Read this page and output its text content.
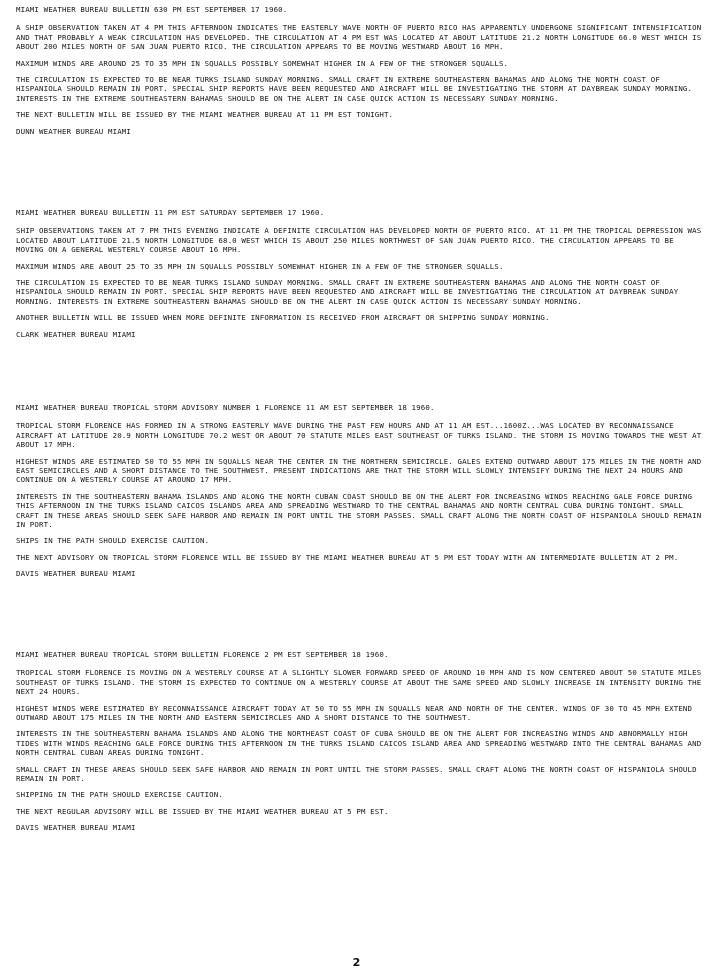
MIAMI WEATHER BUREAU BULLETIN 630 PM EST SEPTEMBER 17 1960.

A SHIP OBSERVATION TAKEN AT 4 PM THIS AFTERNOON INDICATES THE EASTERLY WAVE NORTH OF PUERTO RICO HAS APPARENTLY UNDERGONE SIGNIFICANT INTENSIFICATION AND THAT PROBABLY A WEAK CIRCULATION HAS DEVELOPED. THE CIRCULATION AT 4 PM EST WAS LOCATED AT ABOUT LATITUDE 21.2 NORTH LONGITUDE 66.0 WEST WHICH IS ABOUT 200 MILES NORTH OF SAN JUAN PUERTO RICO. THE CIRCULATION APPEARS TO BE MOVING WESTWARD ABOUT 16 MPH.

MAXIMUM WINDS ARE AROUND 25 TO 35 MPH IN SQUALLS POSSIBLY SOMEWHAT HIGHER IN A FEW OF THE STRONGER SQUALLS.

THE CIRCULATION IS EXPECTED TO BE NEAR TURKS ISLAND SUNDAY MORNING. SMALL CRAFT IN EXTREME SOUTHEASTERN BAHAMAS AND ALONG THE NORTH COAST OF HISPANIOLA SHOULD REMAIN IN PORT. SPECIAL SHIP REPORTS HAVE BEEN REQUESTED AND AIRCRAFT WILL BE INVESTIGATING THE STORM AT DAYBREAK SUNDAY MORNING. INTERESTS IN THE EXTREME SOUTHEASTERN BAHAMAS SHOULD BE ON THE ALERT IN CASE QUICK ACTION IS NECESSARY SUNDAY MORNING.

THE NEXT BULLETIN WILL BE ISSUED BY THE MIAMI WEATHER BUREAU AT 11 PM EST TONIGHT.

DUNN WEATHER BUREAU MIAMI

MIAMI WEATHER BUREAU BULLETIN 11 PM EST SATURDAY SEPTEMBER 17 1960.

SHIP OBSERVATIONS TAKEN AT 7 PM THIS EVENING INDICATE A DEFINITE CIRCULATION HAS DEVELOPED NORTH OF PUERTO RICO. AT 11 PM THE TROPICAL DEPRESSION WAS LOCATED ABOUT LATITUDE 21.5 NORTH LONGITUDE 68.0 WEST WHICH IS ABOUT 250 MILES NORTHWEST OF SAN JUAN PUERTO RICO. THE CIRCULATION APPEARS TO BE MOVING ON A GENERAL WESTERLY COURSE ABOUT 16 MPH.

MAXIMUM WINDS ARE ABOUT 25 TO 35 MPH IN SQUALLS POSSIBLY SOMEWHAT HIGHER IN A FEW OF THE STRONGER SQUALLS.

THE CIRCULATION IS EXPECTED TO BE NEAR TURKS ISLAND SUNDAY MORNING. SMALL CRAFT IN EXTREME SOUTHEASTERN BAHAMAS AND ALONG THE NORTH COAST OF HISPANIOLA SHOULD REMAIN IN PORT. SPECIAL SHIP REPORTS HAVE BEEN REQUESTED AND AIRCRAFT WILL BE INVESTIGATING THE CIRCULATION AT DAYBREAK SUNDAY MORNING. INTERESTS IN EXTREME SOUTHEASTERN BAHAMAS SHOULD BE ON THE ALERT IN CASE QUICK ACTION IS NECESSARY SUNDAY MORNING.

ANOTHER BULLETIN WILL BE ISSUED WHEN MORE DEFINITE INFORMATION IS RECEIVED FROM AIRCRAFT OR SHIPPING SUNDAY MORNING.

CLARK WEATHER BUREAU MIAMI

MIAMI WEATHER BUREAU TROPICAL STORM ADVISORY NUMBER 1 FLORENCE 11 AM EST SEPTEMBER 18 1960.

TROPICAL STORM FLORENCE HAS FORMED IN A STRONG EASTERLY WAVE DURING THE PAST FEW HOURS AND AT 11 AM EST...1600Z...WAS LOCATED BY RECONNAISSANCE AIRCRAFT AT LATITUDE 20.9 NORTH LONGITUDE 70.2 WEST OR ABOUT 70 STATUTE MILES EAST SOUTHEAST OF TURKS ISLAND. THE STORM IS MOVING TOWARDS THE WEST AT ABOUT 17 MPH.

HIGHEST WINDS ARE ESTIMATED 50 TO 55 MPH IN SQUALLS NEAR THE CENTER IN THE NORTHERN SEMICIRCLE. GALES EXTEND OUTWARD ABOUT 175 MILES IN THE NORTH AND EAST SEMICIRCLES AND A SHORT DISTANCE TO THE SOUTHWEST. PRESENT INDICATIONS ARE THAT THE STORM WILL SLOWLY INTENSIFY DURING THE NEXT 24 HOURS AND CONTINUE ON A WESTERLY COURSE AT AROUND 17 MPH.

INTERESTS IN THE SOUTHEASTERN BAHAMA ISLANDS AND ALONG THE NORTH CUBAN COAST SHOULD BE ON THE ALERT FOR INCREASING WINDS REACHING GALE FORCE DURING THIS AFTERNOON IN THE TURKS ISLAND CAICOS ISLANDS AREA AND SPREADING WESTWARD TO THE CENTRAL BAHAMAS AND NORTH CENTRAL CUBA DURING TONIGHT. SMALL CRAFT IN THESE AREAS SHOULD SEEK SAFE HARBOR AND REMAIN IN PORT UNTIL THE STORM PASSES. SMALL CRAFT ALONG THE NORTH COAST OF HISPANIOLA SHOULD REMAIN IN PORT.

SHIPS IN THE PATH SHOULD EXERCISE CAUTION.

THE NEXT ADVISORY ON TROPICAL STORM FLORENCE WILL BE ISSUED BY THE MIAMI WEATHER BUREAU AT 5 PM EST TODAY WITH AN INTERMEDIATE BULLETIN AT 2 PM.

DAVIS WEATHER BUREAU MIAMI

MIAMI WEATHER BUREAU TROPICAL STORM BULLETIN FLORENCE 2 PM EST SEPTEMBER 18 1960.

TROPICAL STORM FLORENCE IS MOVING ON A WESTERLY COURSE AT A SLIGHTLY SLOWER FORWARD SPEED OF AROUND 10 MPH AND IS NOW CENTERED ABOUT 50 STATUTE MILES SOUTHEAST OF TURKS ISLAND. THE STORM IS EXPECTED TO CONTINUE ON A WESTERLY COURSE AT ABOUT THE SAME SPEED AND SLOWLY INCREASE IN INTENSITY DURING THE NEXT 24 HOURS.

HIGHEST WINDS WERE ESTIMATED BY RECONNAISSANCE AIRCRAFT TODAY AT 50 TO 55 MPH IN SQUALLS NEAR AND NORTH OF THE CENTER. WINDS OF 30 TO 45 MPH EXTEND OUTWARD ABOUT 175 MILES IN THE NORTH AND EASTERN SEMICIRCLES AND A SHORT DISTANCE TO THE SOUTHWEST.

INTERESTS IN THE SOUTHEASTERN BAHAMA ISLANDS AND ALONG THE NORTHEAST COAST OF CUBA SHOULD BE ON THE ALERT FOR INCREASING WINDS AND ABNORMALLY HIGH TIDES WITH WINDS REACHING GALE FORCE DURING THIS AFTERNOON IN THE TURKS ISLAND CAICOS ISLAND AREA AND SPREADING WESTWARD INTO THE CENTRAL BAHAMAS AND NORTH CENTRAL CUBAN AREAS DURING TONIGHT.

SMALL CRAFT IN THESE AREAS SHOULD SEEK SAFE HARBOR AND REMAIN IN PORT UNTIL THE STORM PASSES. SMALL CRAFT ALONG THE NORTH COAST OF HISPANIOLA SHOULD REMAIN IN PORT.

SHIPPING IN THE PATH SHOULD EXERCISE CAUTION.

THE NEXT REGULAR ADVISORY WILL BE ISSUED BY THE MIAMI WEATHER BUREAU AT 5 PM EST.

DAVIS WEATHER BUREAU MIAMI

2
